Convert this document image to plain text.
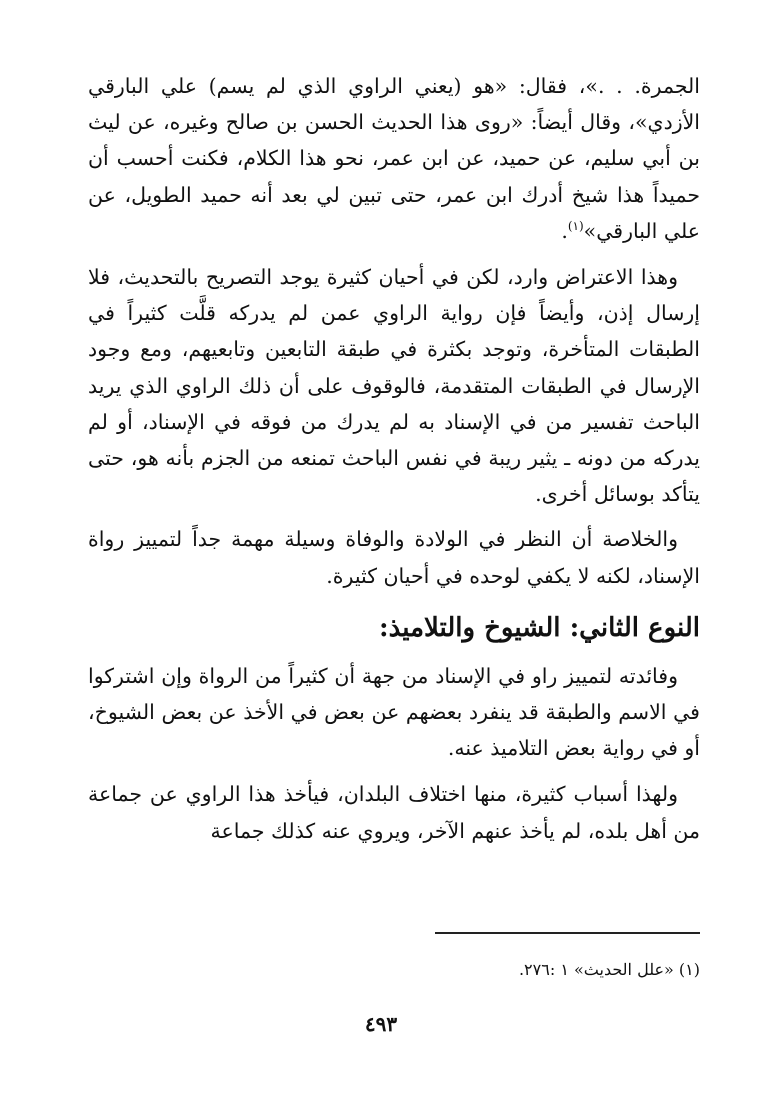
الجمرة. . .»، فقال: «هو (يعني الراوي الذي لم يسم) علي البارقي الأزدي»، وقال أيضاً: «روى هذا الحديث الحسن بن صالح وغيره، عن ليث بن أبي سليم، عن حميد، عن ابن عمر، نحو هذا الكلام، فكنت أحسب أن حميداً هذا شيخ أدرك ابن عمر، حتى تبين لي بعد أنه حميد الطويل، عن علي البارقي»$^{(١)}$.

وهذا الاعتراض وارد، لكن في أحيان كثيرة يوجد التصريح بالتحديث، فلا إرسال إذن، وأيضاً فإن رواية الراوي عمن لم يدركه قلَّت كثيراً في الطبقات المتأخرة، وتوجد بكثرة في طبقة التابعين وتابعيهم، ومع وجود الإرسال في الطبقات المتقدمة، فالوقوف على أن ذلك الراوي الذي يريد الباحث تفسير من في الإسناد به لم يدرك من فوقه في الإسناد، أو لم يدركه من دونه ـ يثير ريبة في نفس الباحث تمنعه من الجزم بأنه هو، حتى يتأكد بوسائل أخرى.

والخلاصة أن النظر في الولادة والوفاة وسيلة مهمة جداً لتمييز رواة الإسناد، لكنه لا يكفي لوحده في أحيان كثيرة.

النوع الثاني: الشيوخ والتلاميذ:

وفائدته لتمييز راو في الإسناد من جهة أن كثيراً من الرواة وإن اشتركوا في الاسم والطبقة قد ينفرد بعضهم عن بعض في الأخذ عن بعض الشيوخ، أو في رواية بعض التلاميذ عنه.

ولهذا أسباب كثيرة، منها اختلاف البلدان، فيأخذ هذا الراوي عن جماعة من أهل بلده، لم يأخذ عنهم الآخر، ويروي عنه كذلك جماعة

(١) «علل الحديث» ١ :٢٧٦.
٤٩٣
